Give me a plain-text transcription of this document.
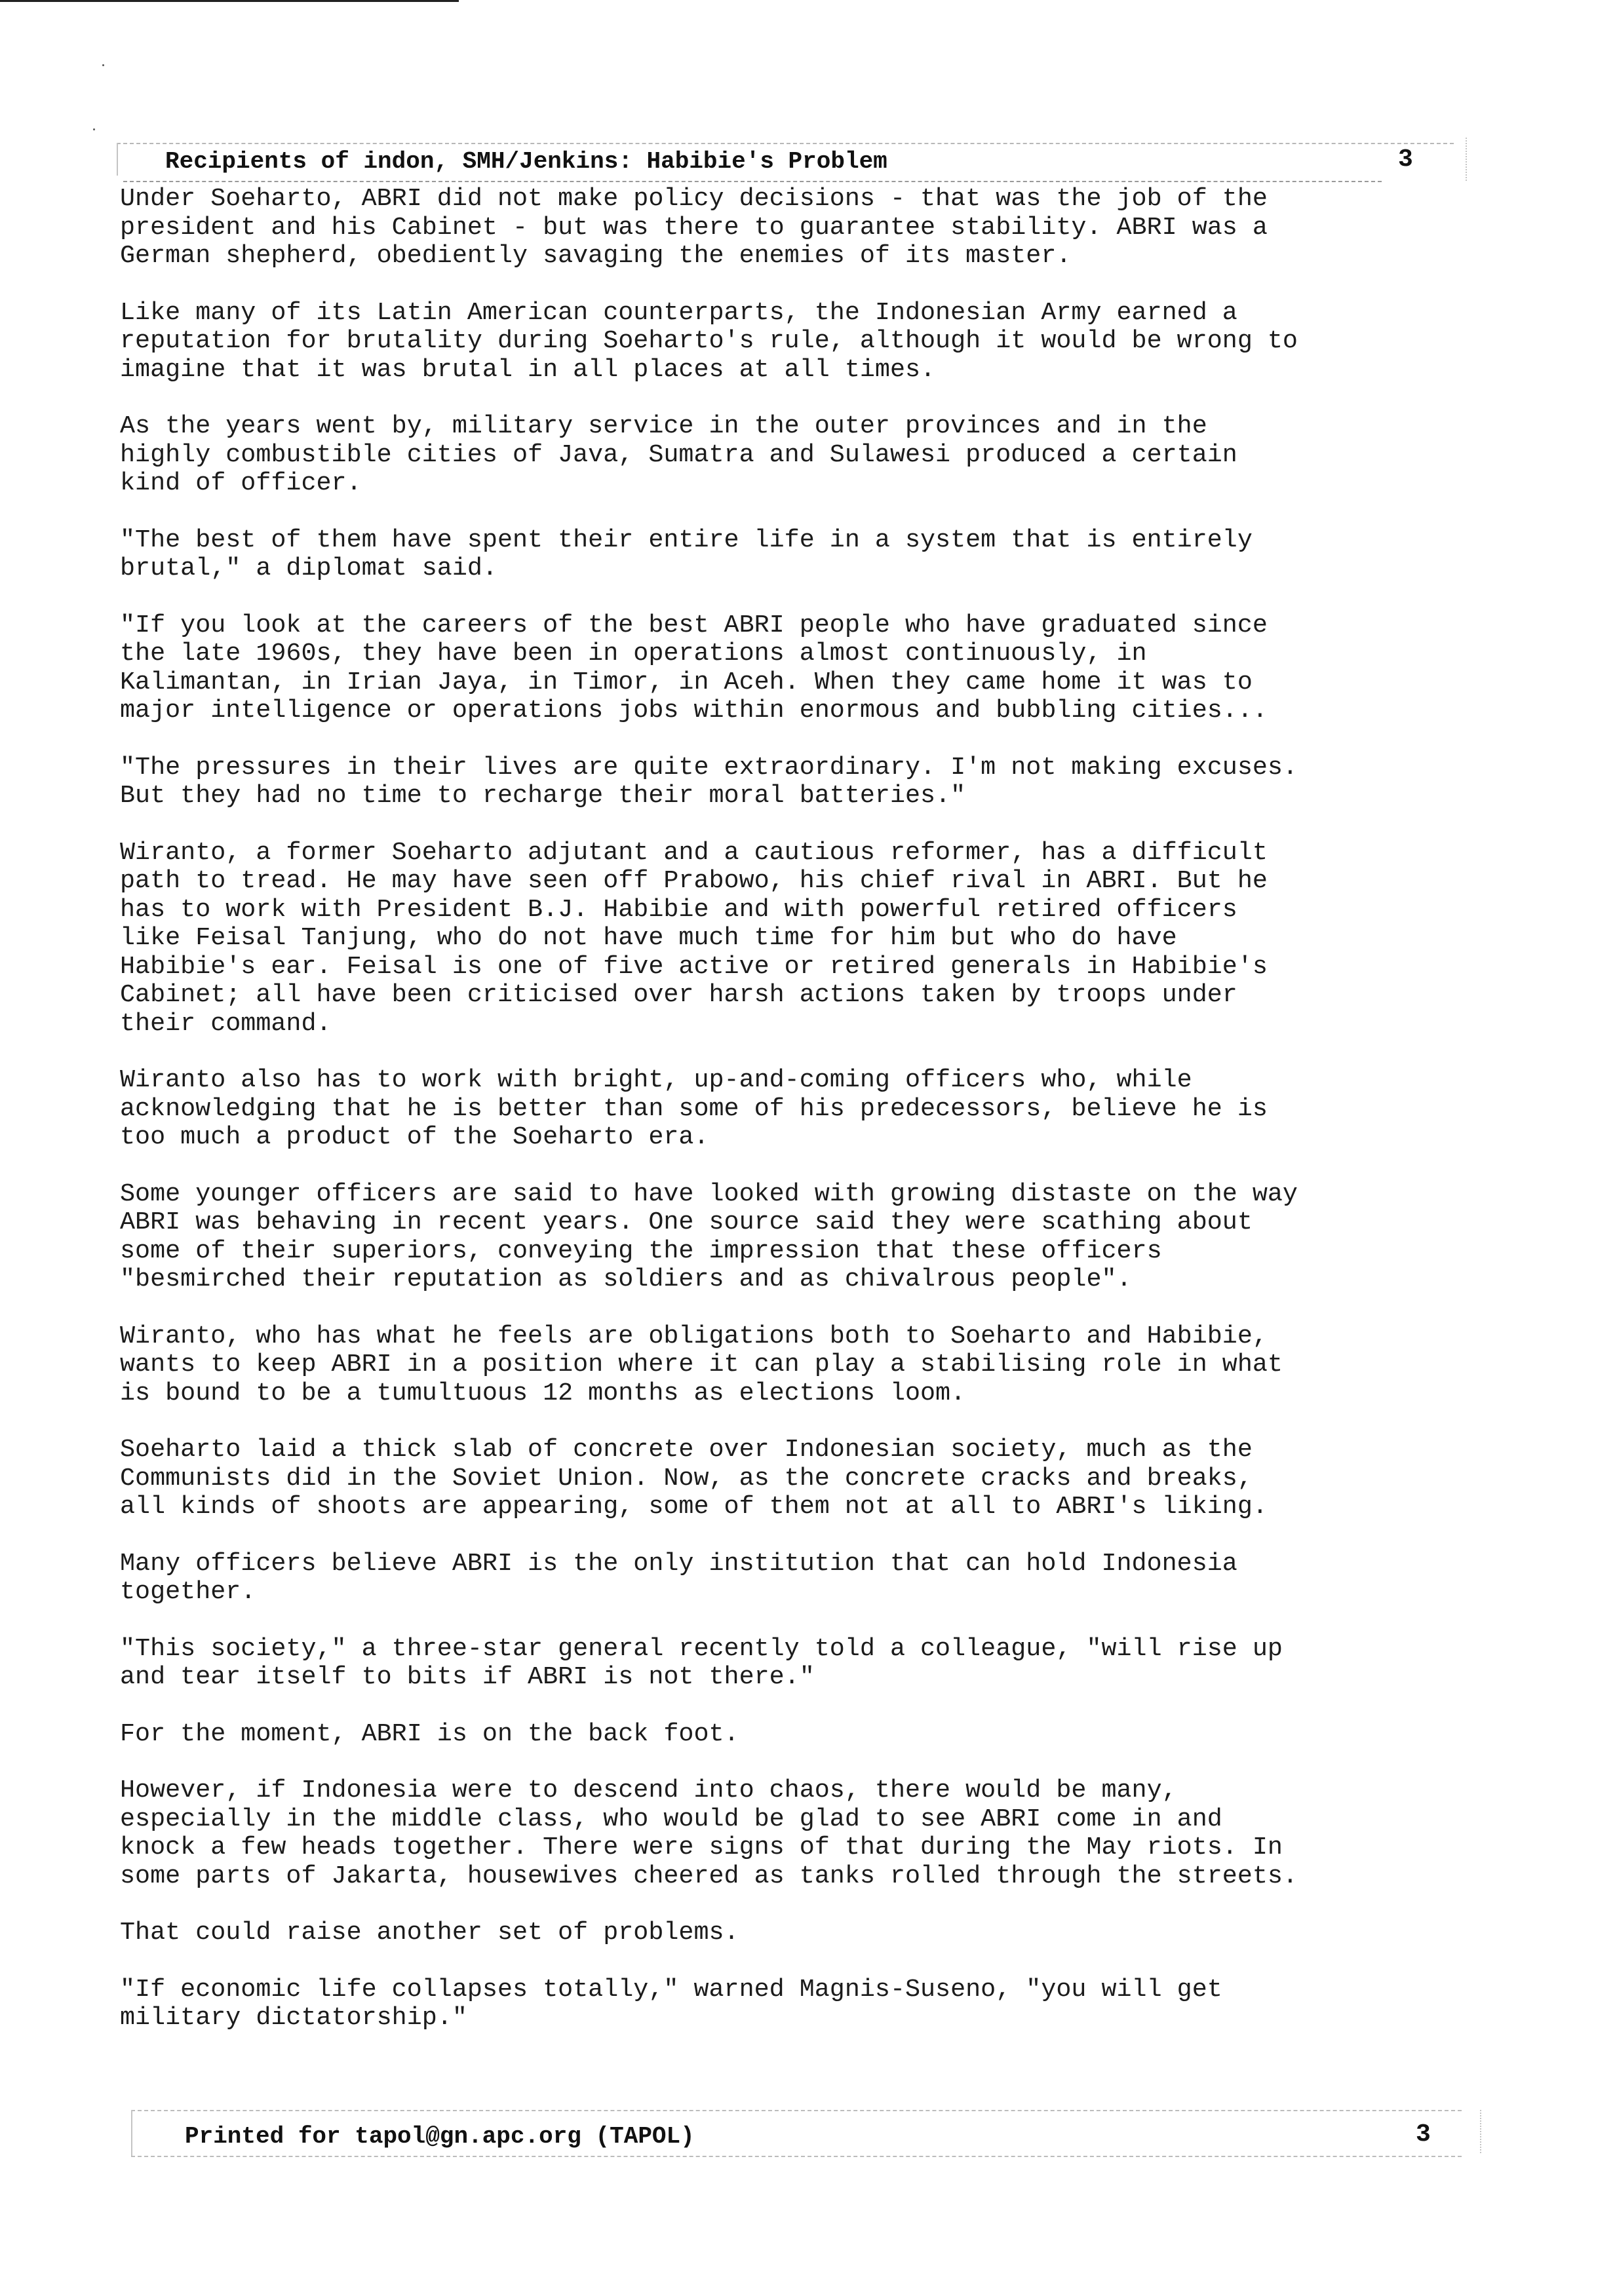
Recipients of indon, SMH/Jenkins: Habibie's Problem	3

Under Soeharto, ABRI did not make policy decisions - that was the job of the
president and his Cabinet - but was there to guarantee stability. ABRI was a
German shepherd, obediently savaging the enemies of its master.

Like many of its Latin American counterparts, the Indonesian Army earned a
reputation for brutality during Soeharto's rule, although it would be wrong to
imagine that it was brutal in all places at all times.

As the years went by, military service in the outer provinces and in the
highly combustible cities of Java, Sumatra and Sulawesi produced a certain
kind of officer.

"The best of them have spent their entire life in a system that is entirely
brutal," a diplomat said.

"If you look at the careers of the best ABRI people who have graduated since
the late 1960s, they have been in operations almost continuously, in
Kalimantan, in Irian Jaya, in Timor, in Aceh. When they came home it was to
major intelligence or operations jobs within enormous and bubbling cities...

"The pressures in their lives are quite extraordinary. I'm not making excuses.
But they had no time to recharge their moral batteries."

Wiranto, a former Soeharto adjutant and a cautious reformer, has a difficult
path to tread. He may have seen off Prabowo, his chief rival in ABRI. But he
has to work with President B.J. Habibie and with powerful retired officers
like Feisal Tanjung, who do not have much time for him but who do have
Habibie's ear. Feisal is one of five active or retired generals in Habibie's
Cabinet; all have been criticised over harsh actions taken by troops under
their command.

Wiranto also has to work with bright, up-and-coming officers who, while
acknowledging that he is better than some of his predecessors, believe he is
too much a product of the Soeharto era.

Some younger officers are said to have looked with growing distaste on the way
ABRI was behaving in recent years. One source said they were scathing about
some of their superiors, conveying the impression that these officers
"besmirched their reputation as soldiers and as chivalrous people".

Wiranto, who has what he feels are obligations both to Soeharto and Habibie,
wants to keep ABRI in a position where it can play a stabilising role in what
is bound to be a tumultuous 12 months as elections loom.

Soeharto laid a thick slab of concrete over Indonesian society, much as the
Communists did in the Soviet Union. Now, as the concrete cracks and breaks,
all kinds of shoots are appearing, some of them not at all to ABRI's liking.

Many officers believe ABRI is the only institution that can hold Indonesia
together.

"This society," a three-star general recently told a colleague, "will rise up
and tear itself to bits if ABRI is not there."

For the moment, ABRI is on the back foot.

However, if Indonesia were to descend into chaos, there would be many,
especially in the middle class, who would be glad to see ABRI come in and
knock a few heads together. There were signs of that during the May riots. In
some parts of Jakarta, housewives cheered as tanks rolled through the streets.

That could raise another set of problems.

"If economic life collapses totally," warned Magnis-Suseno, "you will get
military dictatorship."

Printed for tapol@gn.apc.org (TAPOL)	3
